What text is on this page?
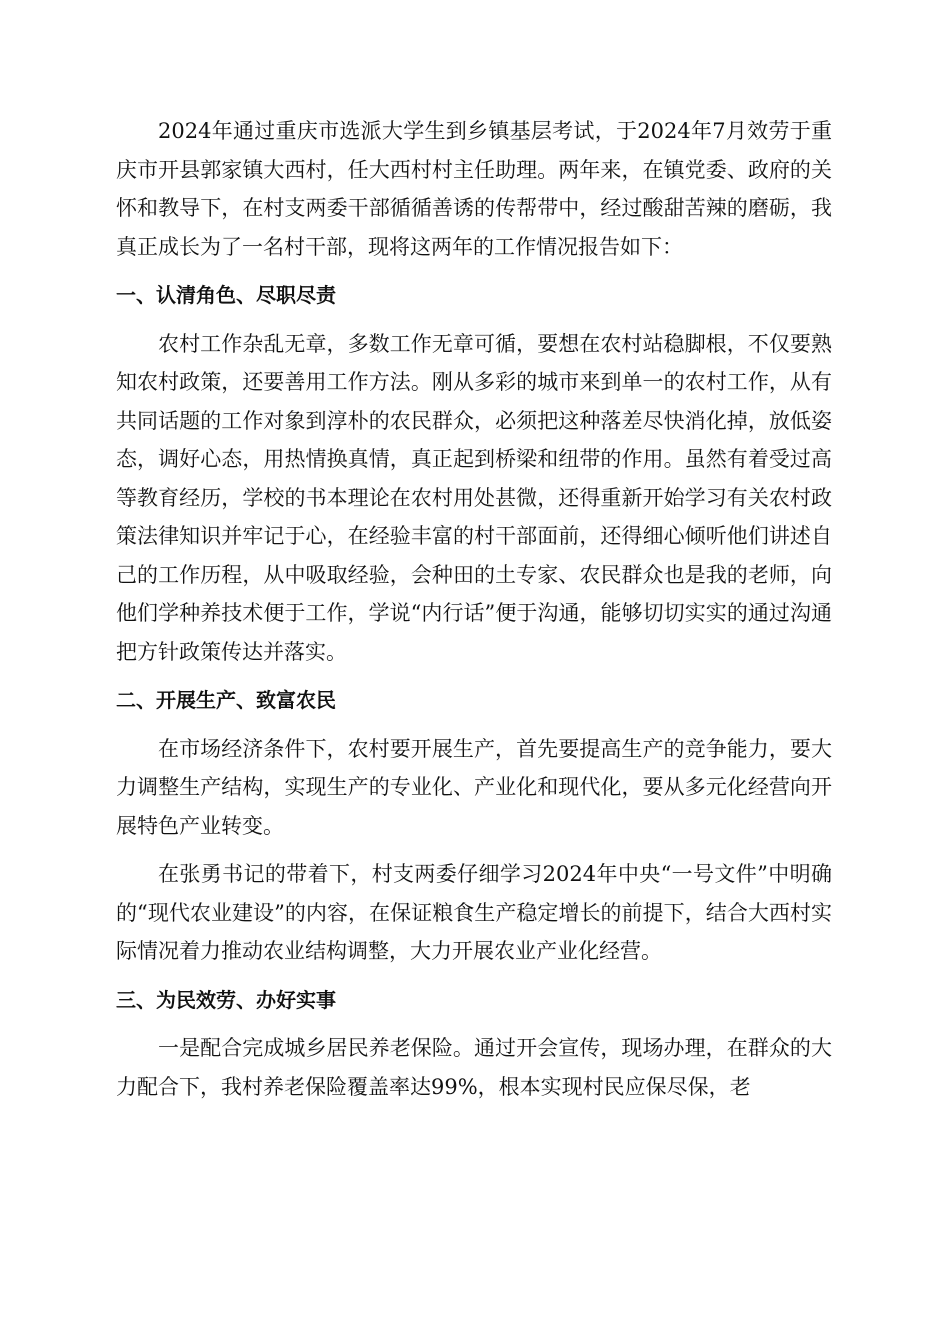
2024年通过重庆市选派大学生到乡镇基层考试，于2024年7月效劳于重庆市开县郭家镇大西村，任大西村村主任助理。两年来，在镇党委、政府的关怀和教导下，在村支两委干部循循善诱的传帮带中，经过酸甜苦辣的磨砺，我真正成长为了一名村干部，现将这两年的工作情况报告如下：

一、认清角色、尽职尽责

农村工作杂乱无章，多数工作无章可循，要想在农村站稳脚根，不仅要熟知农村政策，还要善用工作方法。刚从多彩的城市来到单一的农村工作，从有共同话题的工作对象到淳朴的农民群众，必须把这种落差尽快消化掉，放低姿态，调好心态，用热情换真情，真正起到桥梁和纽带的作用。虽然有着受过高等教育经历，学校的书本理论在农村用处甚微，还得重新开始学习有关农村政策法律知识并牢记于心，在经验丰富的村干部面前，还得细心倾听他们讲述自己的工作历程，从中吸取经验，会种田的土专家、农民群众也是我的老师，向他们学种养技术便于工作，学说“内行话”便于沟通，能够切切实实的通过沟通把方针政策传达并落实。

二、开展生产、致富农民

在市场经济条件下，农村要开展生产，首先要提高生产的竞争能力，要大力调整生产结构，实现生产的专业化、产业化和现代化，要从多元化经营向开展特色产业转变。

在张勇书记的带着下，村支两委仔细学习2024年中央“一号文件”中明确的“现代农业建设”的内容，在保证粮食生产稳定增长的前提下，结合大西村实际情况着力推动农业结构调整，大力开展农业产业化经营。

三、为民效劳、办好实事

一是配合完成城乡居民养老保险。通过开会宣传，现场办理，在群众的大力配合下，我村养老保险覆盖率达99%，根本实现村民应保尽保，老
